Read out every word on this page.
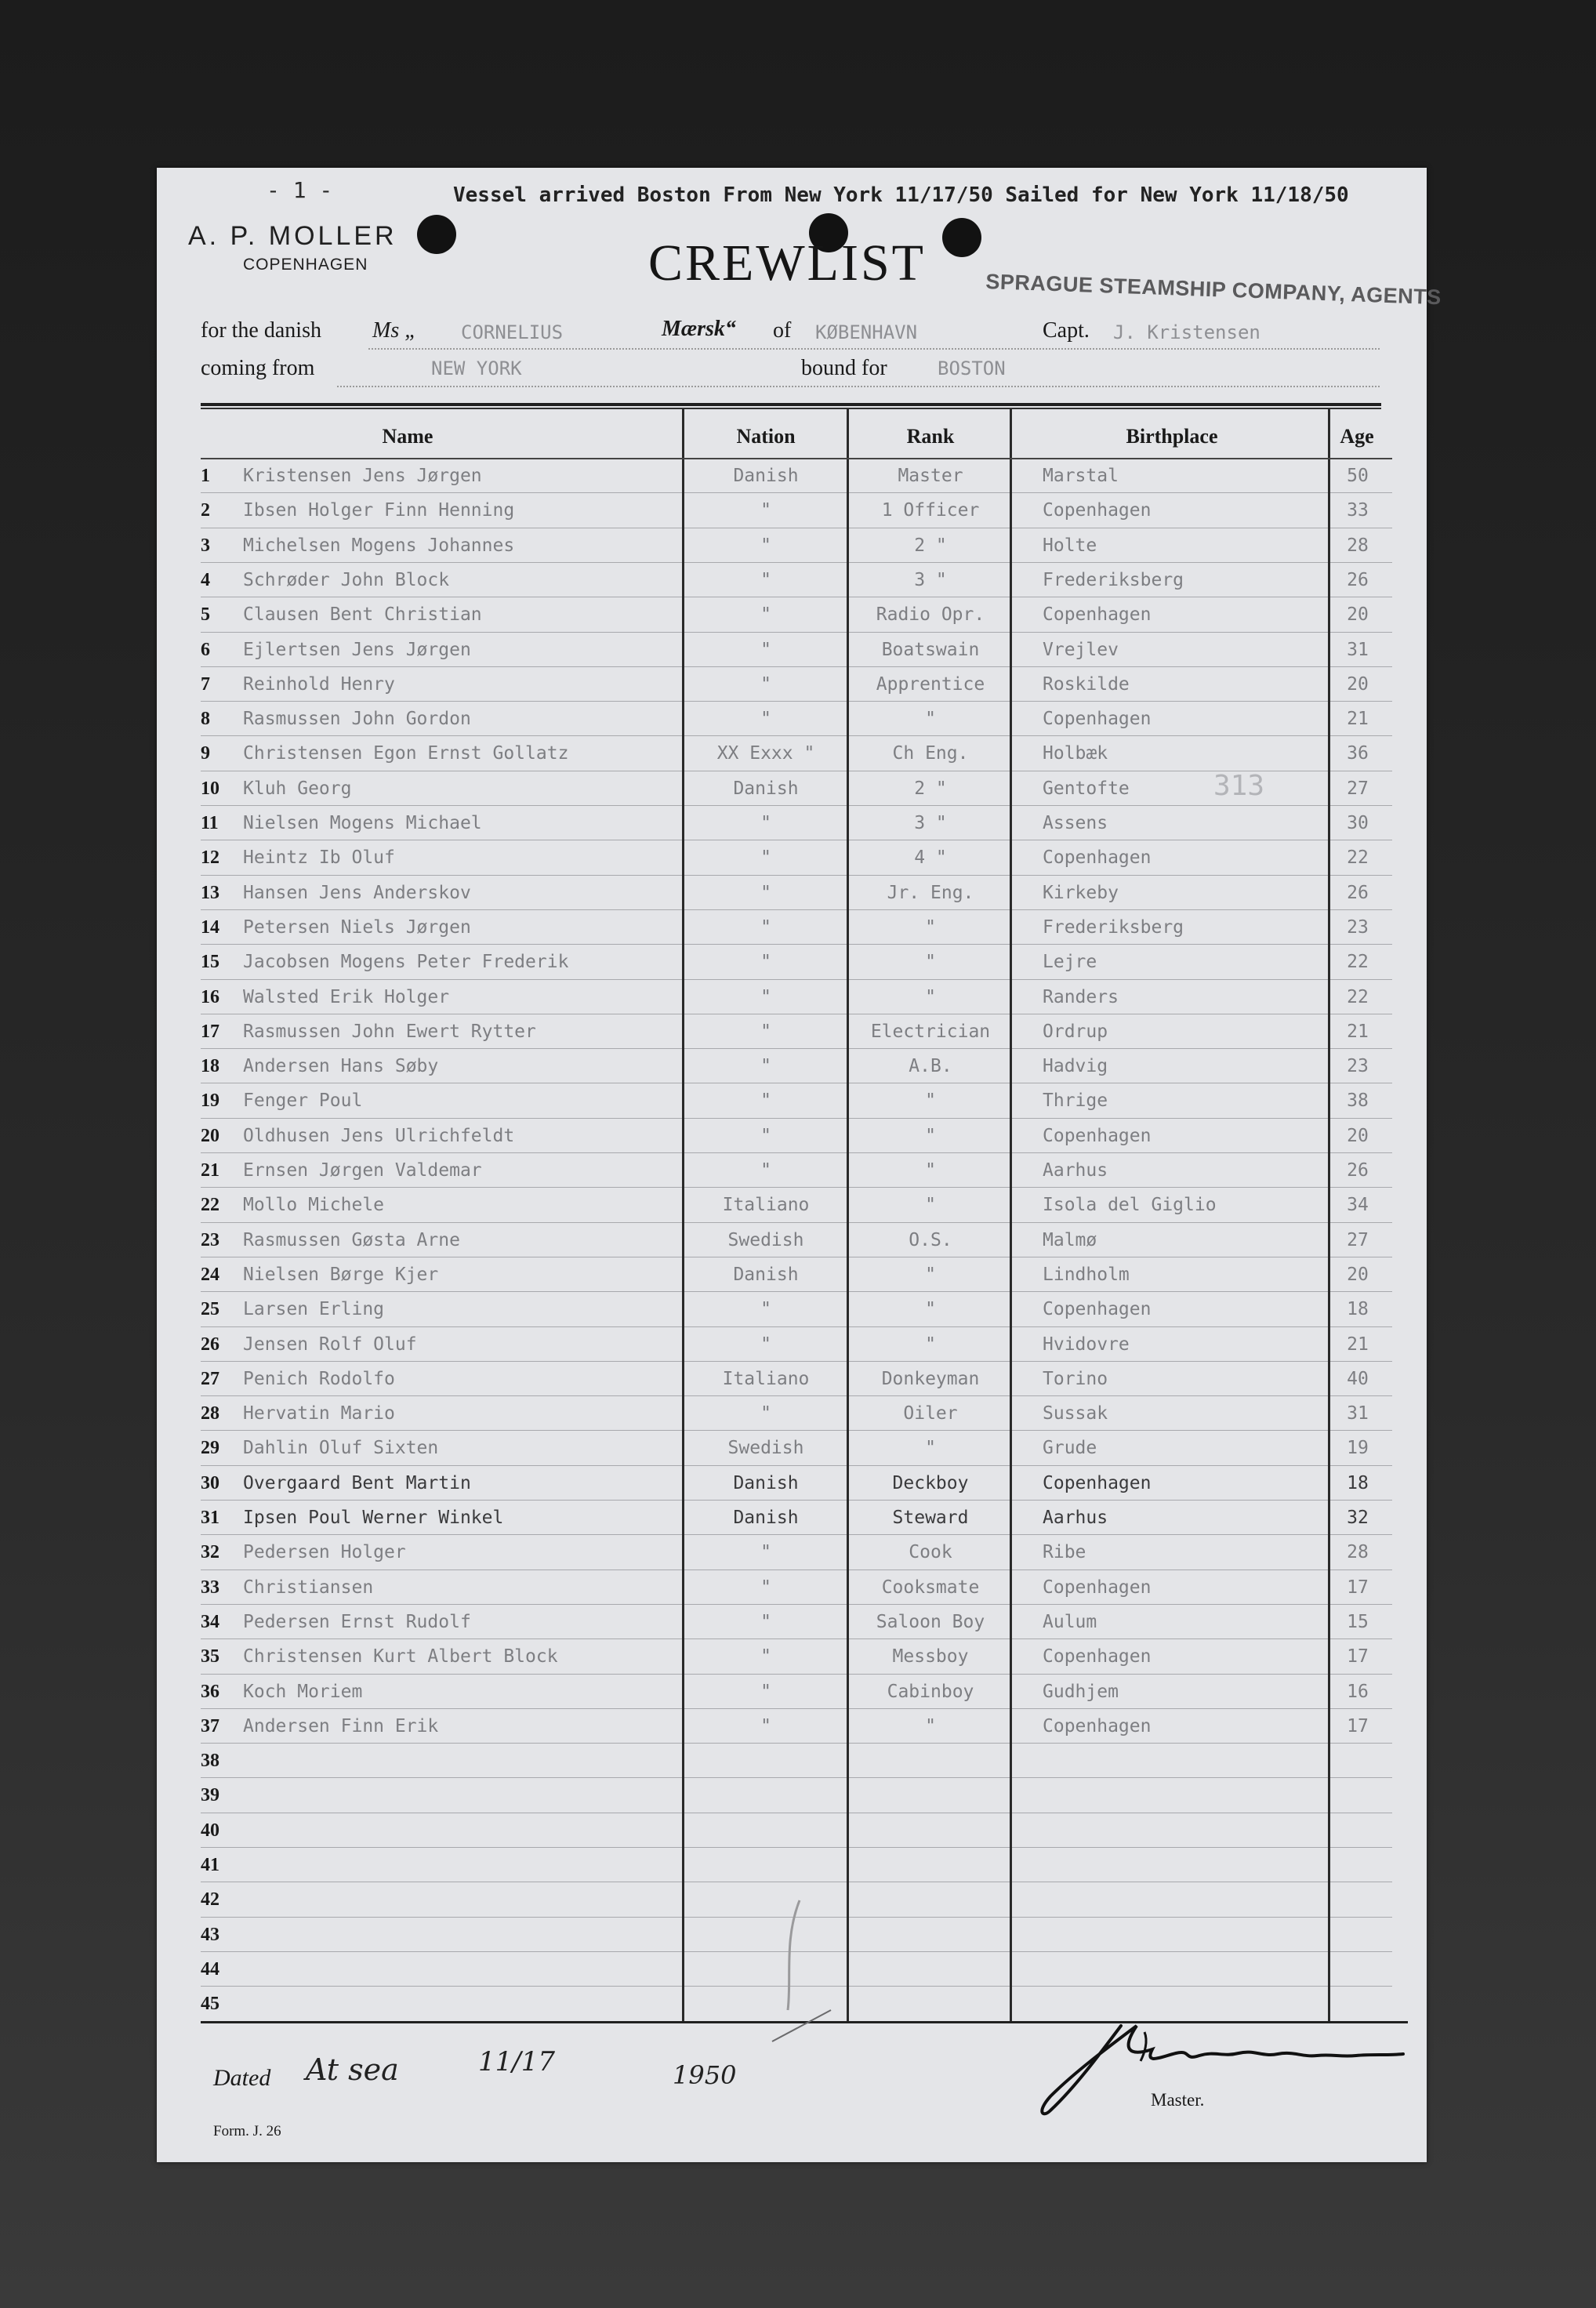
- 1 -	Vessel arrived Boston From New York 11/17/50 Sailed for New York 11/18/50
A. P. MOLLER
COPENHAGEN	CREWLIST	SPRAGUE STEAMSHIP COMPANY, AGENTS
for the danish Ms „ CORNELIUS	Mærsk“ of KØBENHAVN	Capt. J. Kristensen
coming from	NEW YORK	bound for	BOSTON
Name	Nation	Rank	Birthplace	Age
1	Kristensen Jens Jørgen	Danish	Master	Marstal	50
2	Ibsen Holger Finn Henning	"	1 Officer	Copenhagen	33
3	Michelsen Mogens Johannes	"	2 "	Holte	28
4	Schrøder John Block	"	3 "	Frederiksberg	26
5	Clausen Bent Christian	"	Radio Opr.	Copenhagen	20
6	Ejlertsen Jens Jørgen	"	Boatswain	Vrejlev	31
7	Reinhold Henry	"	Apprentice	Roskilde	20
8	Rasmussen John Gordon	"	"	Copenhagen	21
9	Christensen Egon Ernst Gollatz	XX Exxx "	Ch Eng.	Holbæk	36
10	Kluh Georg	Danish	2 "	Gentofte	27
11	Nielsen Mogens Michael	"	3 "	Assens	30
12	Heintz Ib Oluf	"	4 "	Copenhagen	22
13	Hansen Jens Anderskov	"	Jr. Eng.	Kirkeby	26
14	Petersen Niels Jørgen	"	"	Frederiksberg	23
15	Jacobsen Mogens Peter Frederik	"	"	Lejre	22
16	Walsted Erik Holger	"	"	Randers	22
17	Rasmussen John Ewert Rytter	"	Electrician	Ordrup	21
18	Andersen Hans Søby	"	A.B.	Hadvig	23
19	Fenger Poul	"	"	Thrige	38
20	Oldhusen Jens Ulrichfeldt	"	"	Copenhagen	20
21	Ernsen Jørgen Valdemar	"	"	Aarhus	26
22	Mollo Michele	Italiano	"	Isola del Giglio	34
23	Rasmussen Gøsta Arne	Swedish	O.S.	Malmø	27
24	Nielsen Børge Kjer	Danish	"	Lindholm	20
25	Larsen Erling	"	"	Copenhagen	18
26	Jensen Rolf Oluf	"	"	Hvidovre	21
27	Penich Rodolfo	Italiano	Donkeyman	Torino	40
28	Hervatin Mario	"	Oiler	Sussak	31
29	Dahlin Oluf Sixten	Swedish	"	Grude	19
30	Overgaard Bent Martin	Danish	Deckboy	Copenhagen	18
31	Ipsen Poul Werner Winkel	Danish	Steward	Aarhus	32
32	Pedersen Holger	"	Cook	Ribe	28
33	Christiansen	"	Cooksmate	Copenhagen	17
34	Pedersen Ernst Rudolf	"	Saloon Boy	Aulum	15
35	Christensen Kurt Albert Block	"	Messboy	Copenhagen	17
36	Koch Moriem	"	Cabinboy	Gudhjem	16
37	Andersen Finn Erik	"	"	Copenhagen	17
38
39
40
41
42
43
44
45
313
Dated At sea	11/17	1950
Master.
Form. J. 26
